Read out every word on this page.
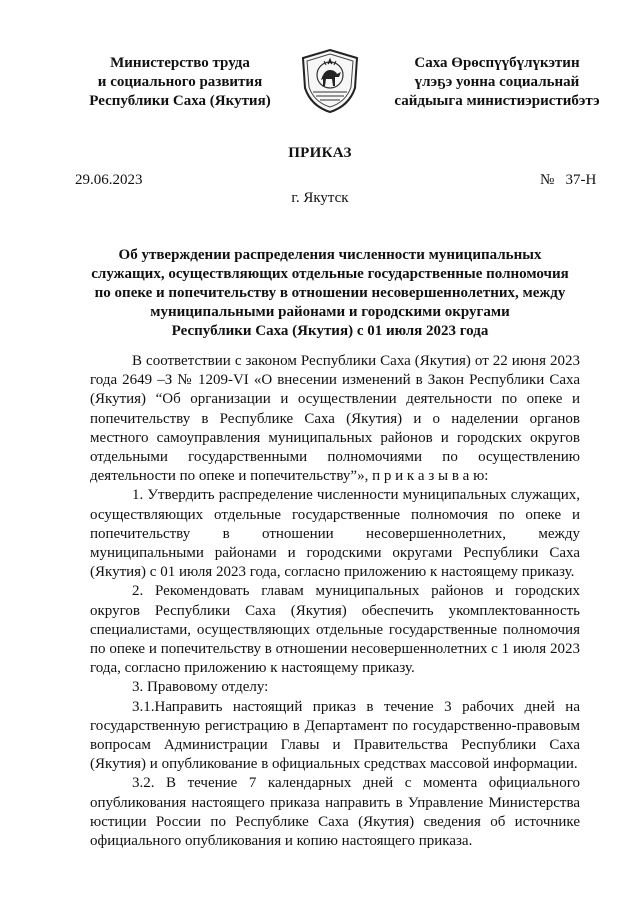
Министерство труда
и социального развития
Республики Саха (Якутия)
Саха Өрөспүүбүлүкэтин
үлэҕэ уонна социальнай
сайдыыга министиэристибэтэ
ПРИКАЗ
29.06.2023	№   37-Н
г. Якутск
Об утверждении распределения численности муниципальных
служащих, осуществляющих отдельные государственные полномочия
по опеке и попечительству в отношении несовершеннолетних, между
муниципальными районами и городскими округами
Республики Саха (Якутия) с 01 июля 2023 года

В соответствии с законом Республики Саха (Якутия) от 22 июня 2023 года 2649 –З № 1209-VI «О внесении изменений в Закон Республики Саха (Якутия) “Об организации и осуществлении деятельности по опеке и попечительству в Республике Саха (Якутия) и о наделении органов местного самоуправления муниципальных районов и городских округов отдельными государственными полномочиями по осуществлению деятельности по опеке и попечительству”», п р и к а з ы в а ю:

1. Утвердить распределение численности муниципальных служащих, осуществляющих отдельные государственные полномочия по опеке и попечительству в отношении несовершеннолетних, между муниципальными районами и городскими округами Республики Саха (Якутия) с 01 июля 2023 года, согласно приложению к настоящему приказу.

2. Рекомендовать главам муниципальных районов и городских округов Республики Саха (Якутия) обеспечить укомплектованность специалистами, осуществляющих отдельные государственные полномочия по опеке и попечительству в отношении несовершеннолетних с 1 июля 2023 года, согласно приложению к настоящему приказу.

3. Правовому отделу:

3.1.Направить настоящий приказ в течение 3 рабочих дней на государственную регистрацию в Департамент по государственно-правовым вопросам Администрации Главы и Правительства Республики Саха (Якутия) и опубликование в официальных средствах массовой информации.

3.2. В течение 7 календарных дней с момента официального опубликования настоящего приказа направить в Управление Министерства юстиции России по Республике Саха (Якутия) сведения об источнике официального опубликования и копию настоящего приказа.
